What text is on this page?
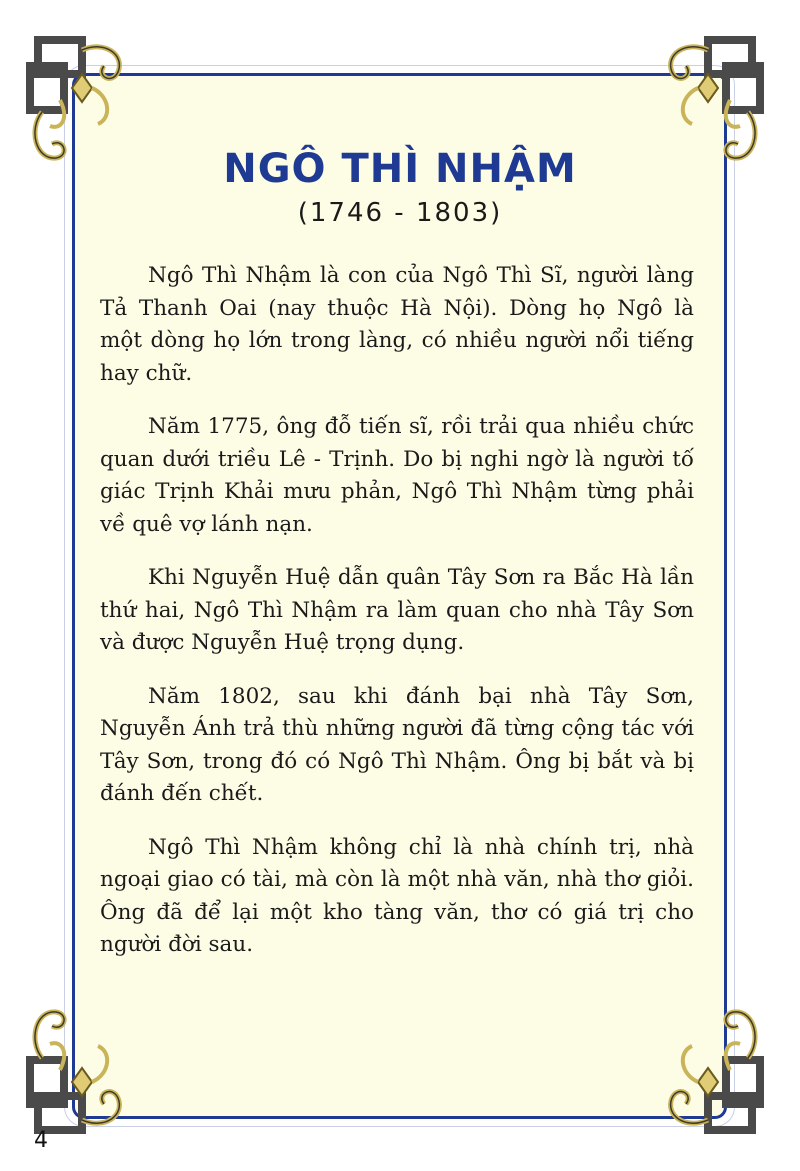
NGÔ THÌ NHẬM
(1746 - 1803)

Ngô Thì Nhậm là con của Ngô Thì Sĩ, người làng Tả Thanh Oai (nay thuộc Hà Nội). Dòng họ Ngô là một dòng họ lớn trong làng, có nhiều người nổi tiếng hay chữ.

Năm 1775, ông đỗ tiến sĩ, rồi trải qua nhiều chức quan dưới triều Lê - Trịnh. Do bị nghi ngờ là người tố giác Trịnh Khải mưu phản, Ngô Thì Nhậm từng phải về quê vợ lánh nạn.

Khi Nguyễn Huệ dẫn quân Tây Sơn ra Bắc Hà lần thứ hai, Ngô Thì Nhậm ra làm quan cho nhà Tây Sơn và được Nguyễn Huệ trọng dụng.

Năm 1802, sau khi đánh bại nhà Tây Sơn, Nguyễn Ánh trả thù những người đã từng cộng tác với Tây Sơn, trong đó có Ngô Thì Nhậm. Ông bị bắt và bị đánh đến chết.

Ngô Thì Nhậm không chỉ là nhà chính trị, nhà ngoại giao có tài, mà còn là một nhà văn, nhà thơ giỏi. Ông đã để lại một kho tàng văn, thơ có giá trị cho người đời sau.

4
